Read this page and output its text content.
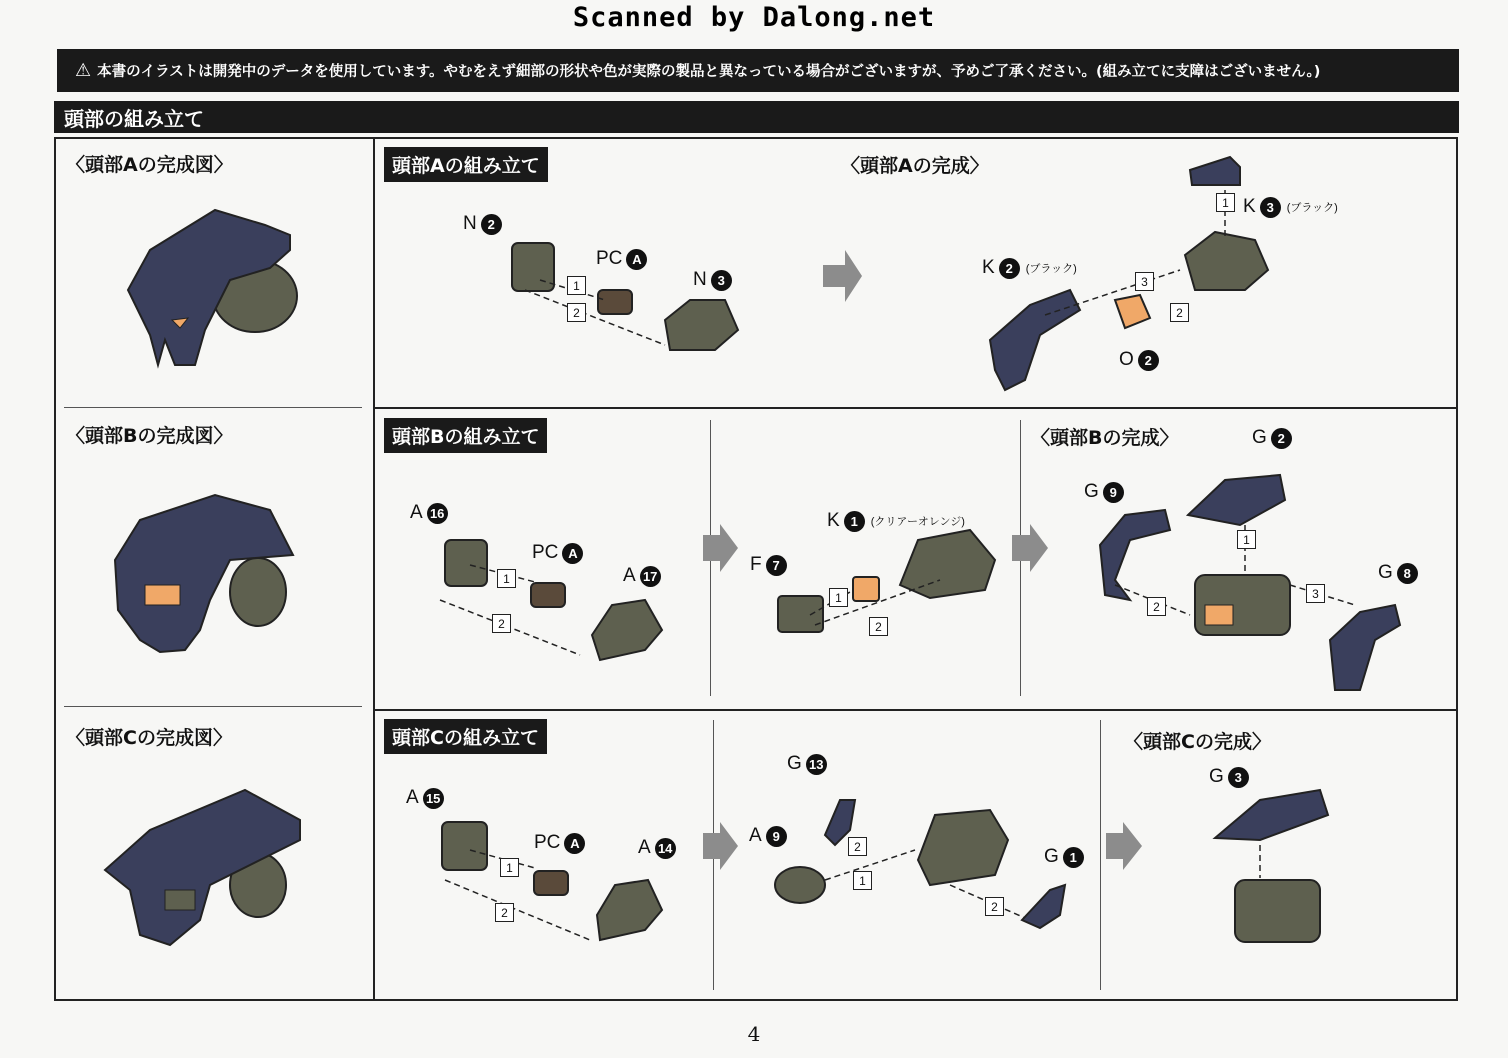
Scanned by Dalong.net
⚠ 本書のイラストは開発中のデータを使用しています。やむをえず細部の形状や色が実際の製品と異なっている場合がございますが、予めご了承ください。(組み立てに支障はございません。)
頭部の組み立て
〈頭部Aの完成図〉
〈頭部Bの完成図〉
〈頭部Cの完成図〉
頭部Aの組み立て
頭部Bの組み立て
頭部Cの組み立て
〈頭部Aの完成〉
〈頭部Bの完成〉
〈頭部Cの完成〉
N 2
PC A
N 3
K 2	(ブラック)
K 3	(ブラック)
O 2
A 16
PC A
A 17
K 1	(クリアーオレンジ)
F 7
G 2
G 9
G 8
A 15
PC A	A 14
G 13
A 9
G 1
G 3
1
2
1
3
2
1
2
1
2
1
2
3
1
2
2
1
2
4
